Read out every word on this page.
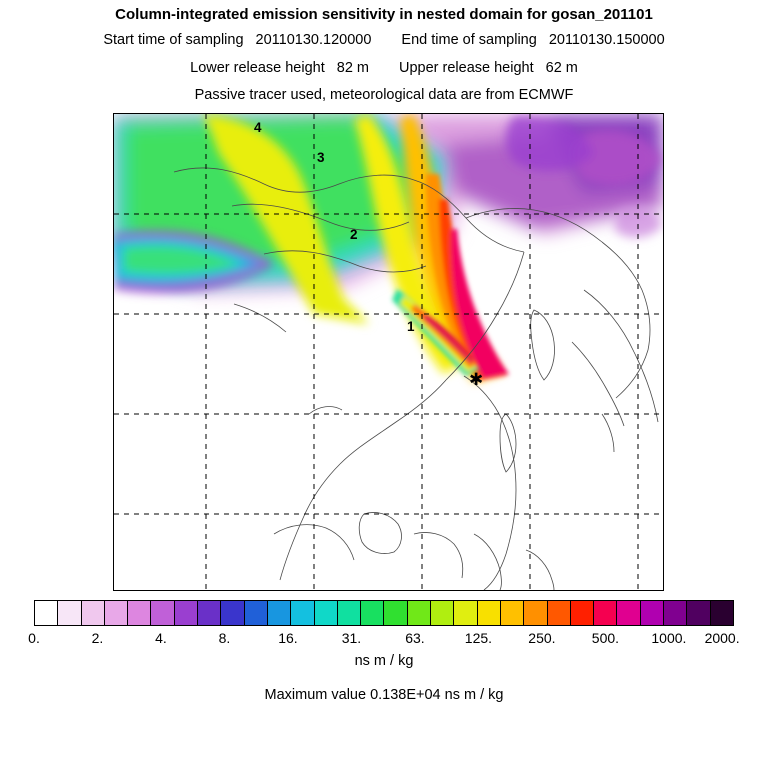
Column-integrated emission sensitivity in nested domain for gosan_201101
Start time of sampling 20110130.120000 End time of sampling 20110130.150000
Lower release height 82 m Upper release height 62 m
Passive tracer used, meteorological data are from ECMWF
4
3
2
1
✱
0.	2.	4.	8.	16.	31.	63.	125.	250.	500. 1000. 2000.
ns m / kg
Maximum value 0.138E+04 ns m / kg
